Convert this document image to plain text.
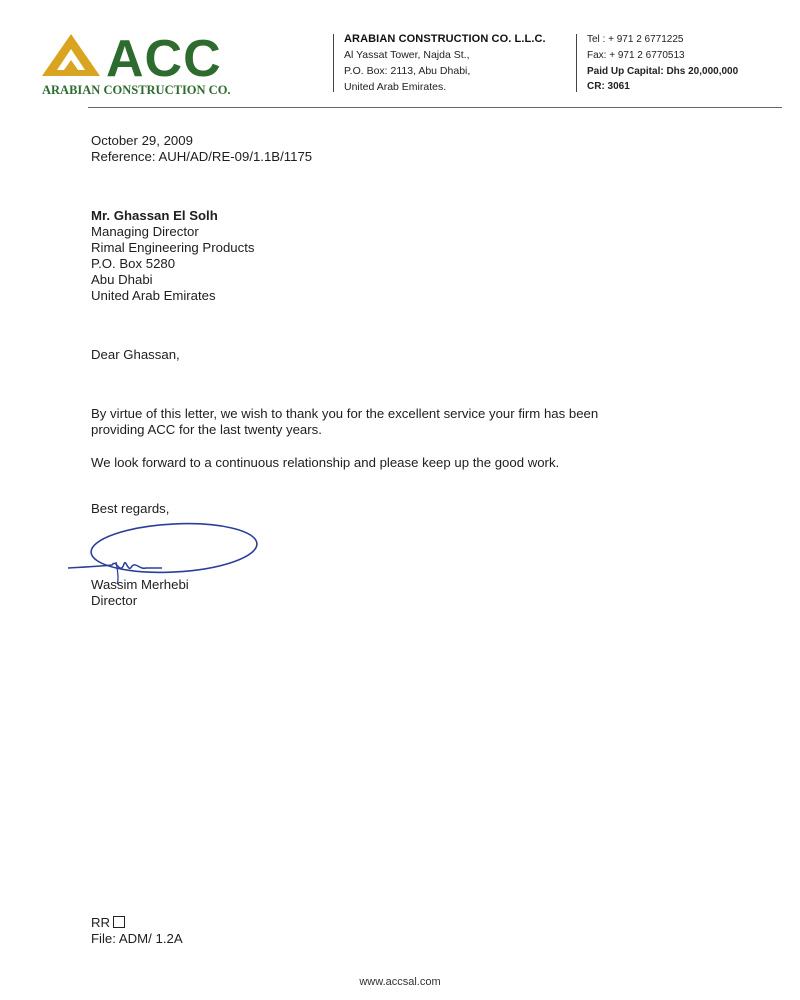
ACC
ARABIAN CONSTRUCTION CO.
ARABIAN CONSTRUCTION CO. L.L.C.
Al Yassat Tower, Najda St.,
P.O. Box: 2113, Abu Dhabi,
United Arab Emirates.
Tel : + 971 2 6771225
Fax: + 971 2 6770513
Paid Up Capital: Dhs 20,000,000
CR: 3061
October 29, 2009
Reference: AUH/AD/RE-09/1.1B/1175
Mr. Ghassan El Solh
Managing Director
Rimal Engineering Products
P.O. Box 5280
Abu Dhabi
United Arab Emirates
Dear Ghassan,
By virtue of this letter, we wish to thank you for the excellent service your firm has been
providing ACC for the last twenty years.
We look forward to a continuous relationship and please keep up the good work.
Best regards,
Wassim Merhebi
Director
RR
File: ADM/ 1.2A
www.accsal.com
